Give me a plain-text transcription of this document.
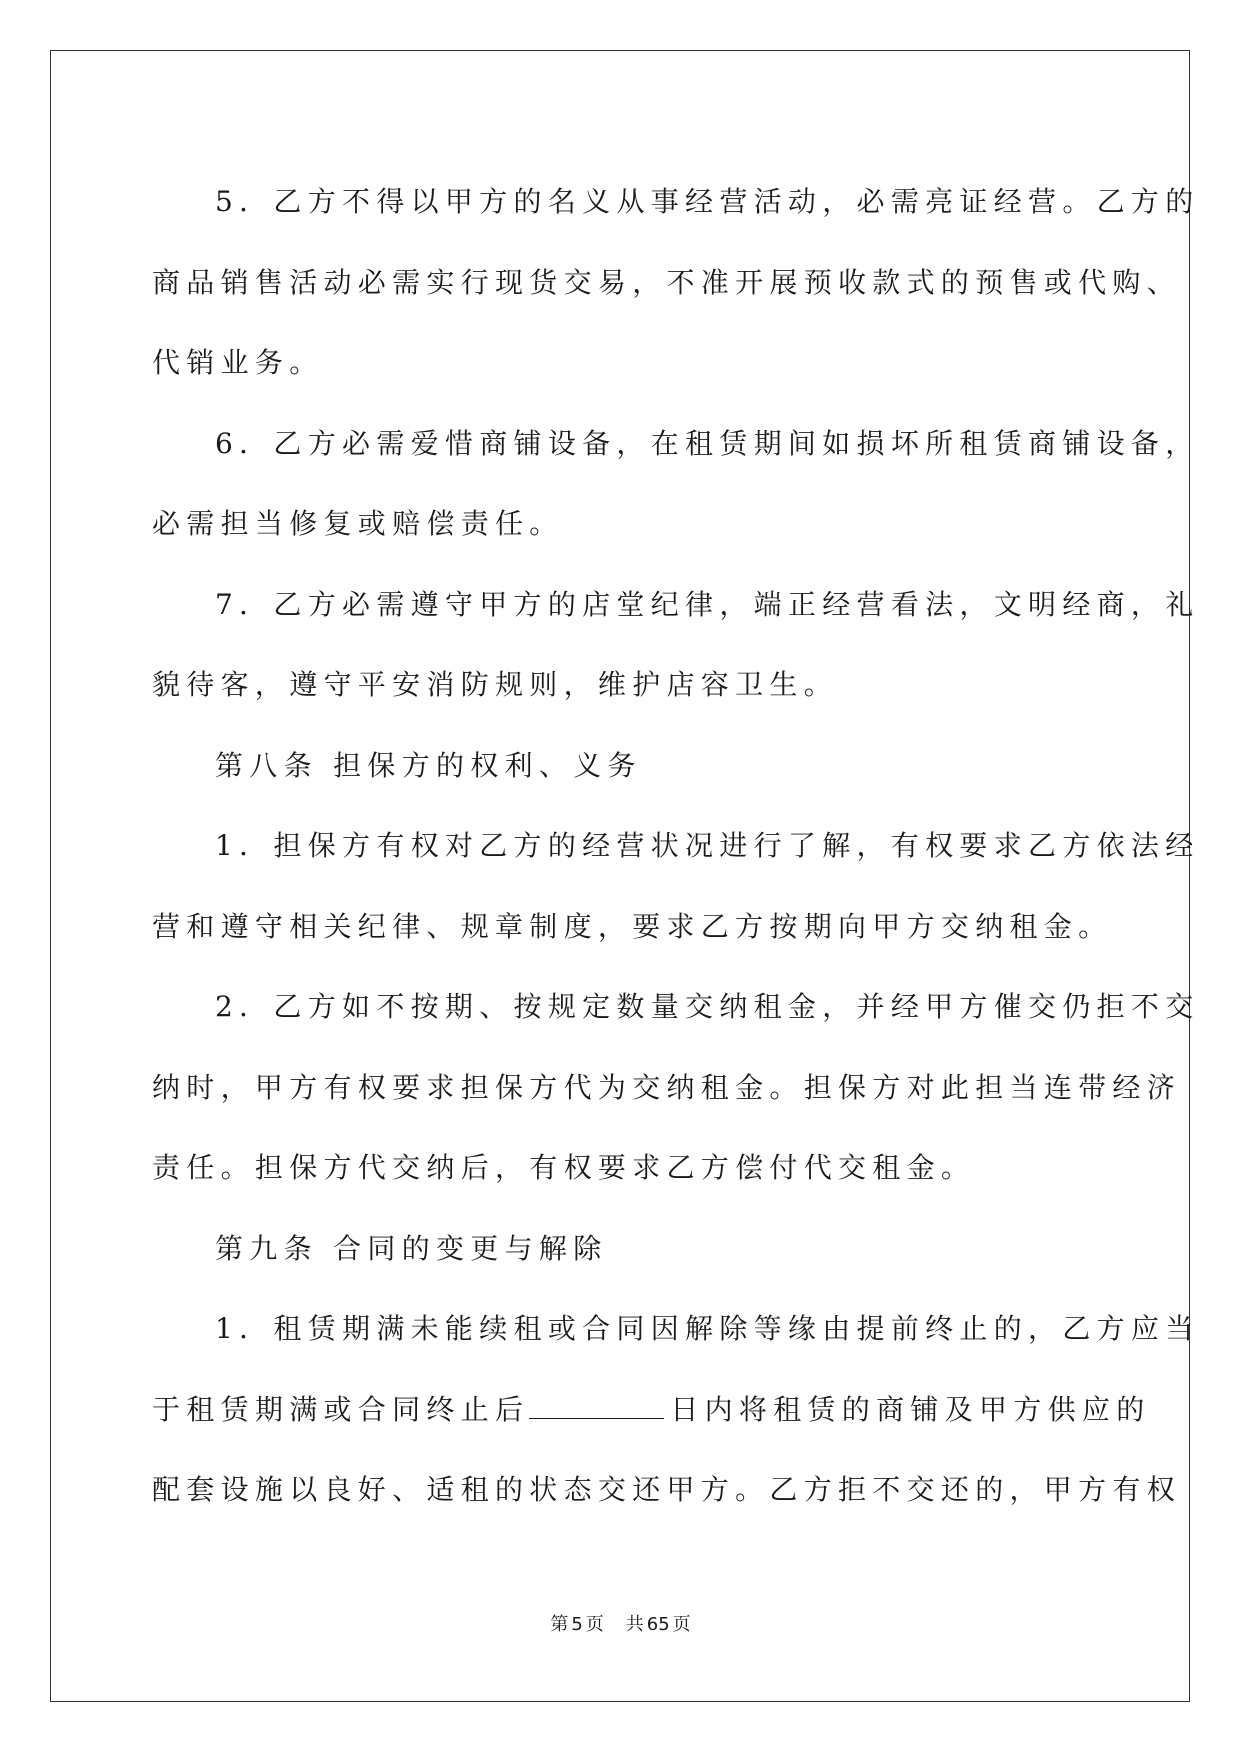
5．乙方不得以甲方的名义从事经营活动，必需亮证经营。乙方的

商品销售活动必需实行现货交易，不准开展预收款式的预售或代购、

代销业务。

6．乙方必需爱惜商铺设备，在租赁期间如损坏所租赁商铺设备，

必需担当修复或赔偿责任。

7．乙方必需遵守甲方的店堂纪律，端正经营看法，文明经商，礼

貌待客，遵守平安消防规则，维护店容卫生。

第八条 担保方的权利、义务

1．担保方有权对乙方的经营状况进行了解，有权要求乙方依法经

营和遵守相关纪律、规章制度，要求乙方按期向甲方交纳租金。

2．乙方如不按期、按规定数量交纳租金，并经甲方催交仍拒不交

纳时，甲方有权要求担保方代为交纳租金。担保方对此担当连带经济

责任。担保方代交纳后，有权要求乙方偿付代交租金。

第九条 合同的变更与解除

1．租赁期满未能续租或合同因解除等缘由提前终止的，乙方应当

于租赁期满或合同终止后	日内将租赁的商铺及甲方供应的

配套设施以良好、适租的状态交还甲方。乙方拒不交还的，甲方有权

第 5 页 共 65 页
